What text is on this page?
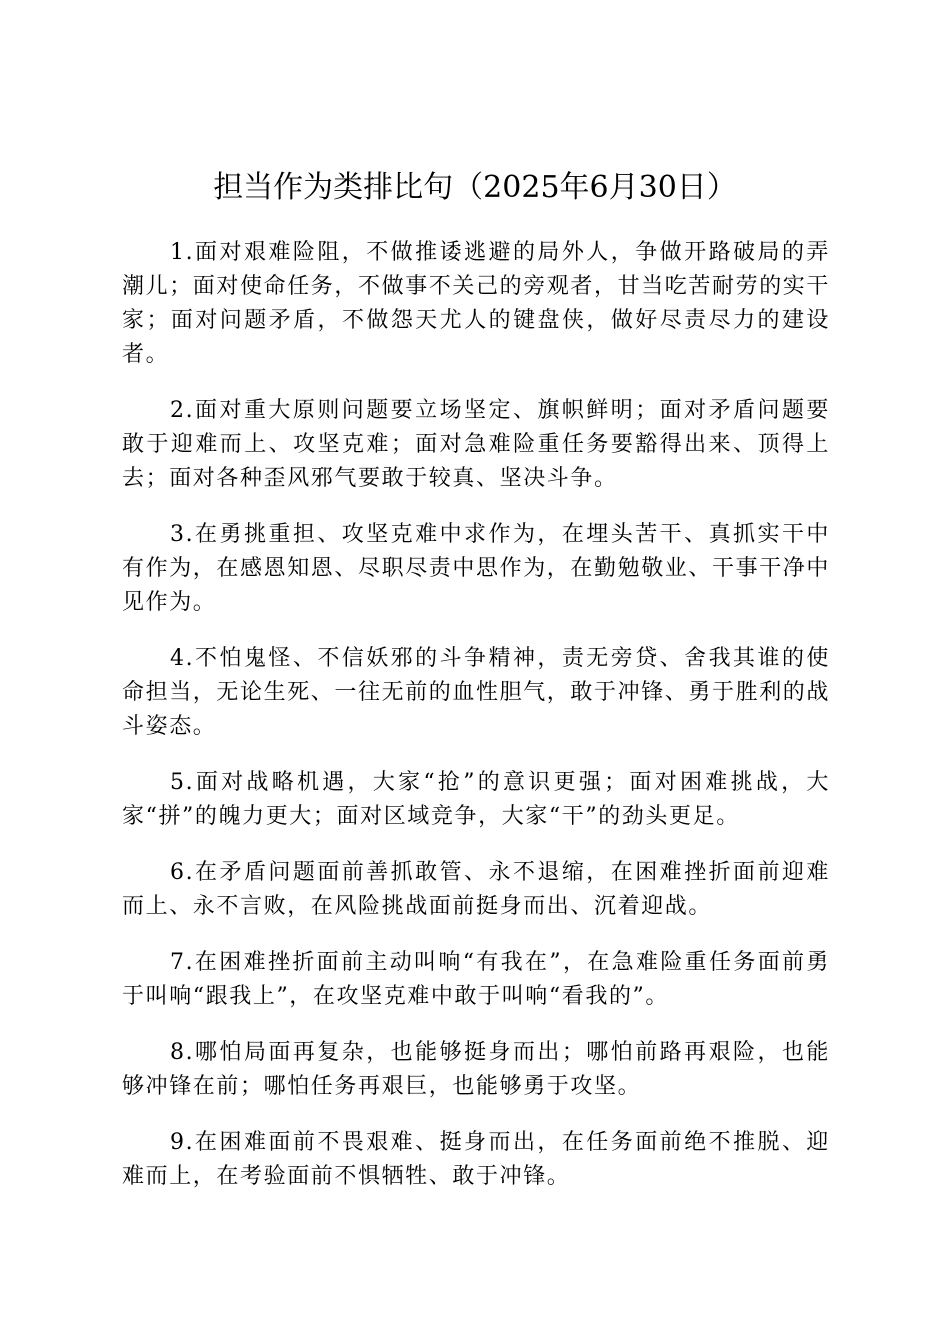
担当作为类排比句（2025年6月30日）

1.面对艰难险阻，不做推诿逃避的局外人，争做开路破局的弄潮儿；面对使命任务，不做事不关己的旁观者，甘当吃苦耐劳的实干家；面对问题矛盾，不做怨天尤人的键盘侠，做好尽责尽力的建设者。

2.面对重大原则问题要立场坚定、旗帜鲜明；面对矛盾问题要敢于迎难而上、攻坚克难；面对急难险重任务要豁得出来、顶得上去；面对各种歪风邪气要敢于较真、坚决斗争。

3.在勇挑重担、攻坚克难中求作为，在埋头苦干、真抓实干中有作为，在感恩知恩、尽职尽责中思作为，在勤勉敬业、干事干净中见作为。

4.不怕鬼怪、不信妖邪的斗争精神，责无旁贷、舍我其谁的使命担当，无论生死、一往无前的血性胆气，敢于冲锋、勇于胜利的战斗姿态。

5.面对战略机遇，大家“抢”的意识更强；面对困难挑战，大家“拼”的魄力更大；面对区域竞争，大家“干”的劲头更足。

6.在矛盾问题面前善抓敢管、永不退缩，在困难挫折面前迎难而上、永不言败，在风险挑战面前挺身而出、沉着迎战。

7.在困难挫折面前主动叫响“有我在”，在急难险重任务面前勇于叫响“跟我上”，在攻坚克难中敢于叫响“看我的”。

8.哪怕局面再复杂，也能够挺身而出；哪怕前路再艰险，也能够冲锋在前；哪怕任务再艰巨，也能够勇于攻坚。

9.在困难面前不畏艰难、挺身而出，在任务面前绝不推脱、迎难而上，在考验面前不惧牺牲、敢于冲锋。
